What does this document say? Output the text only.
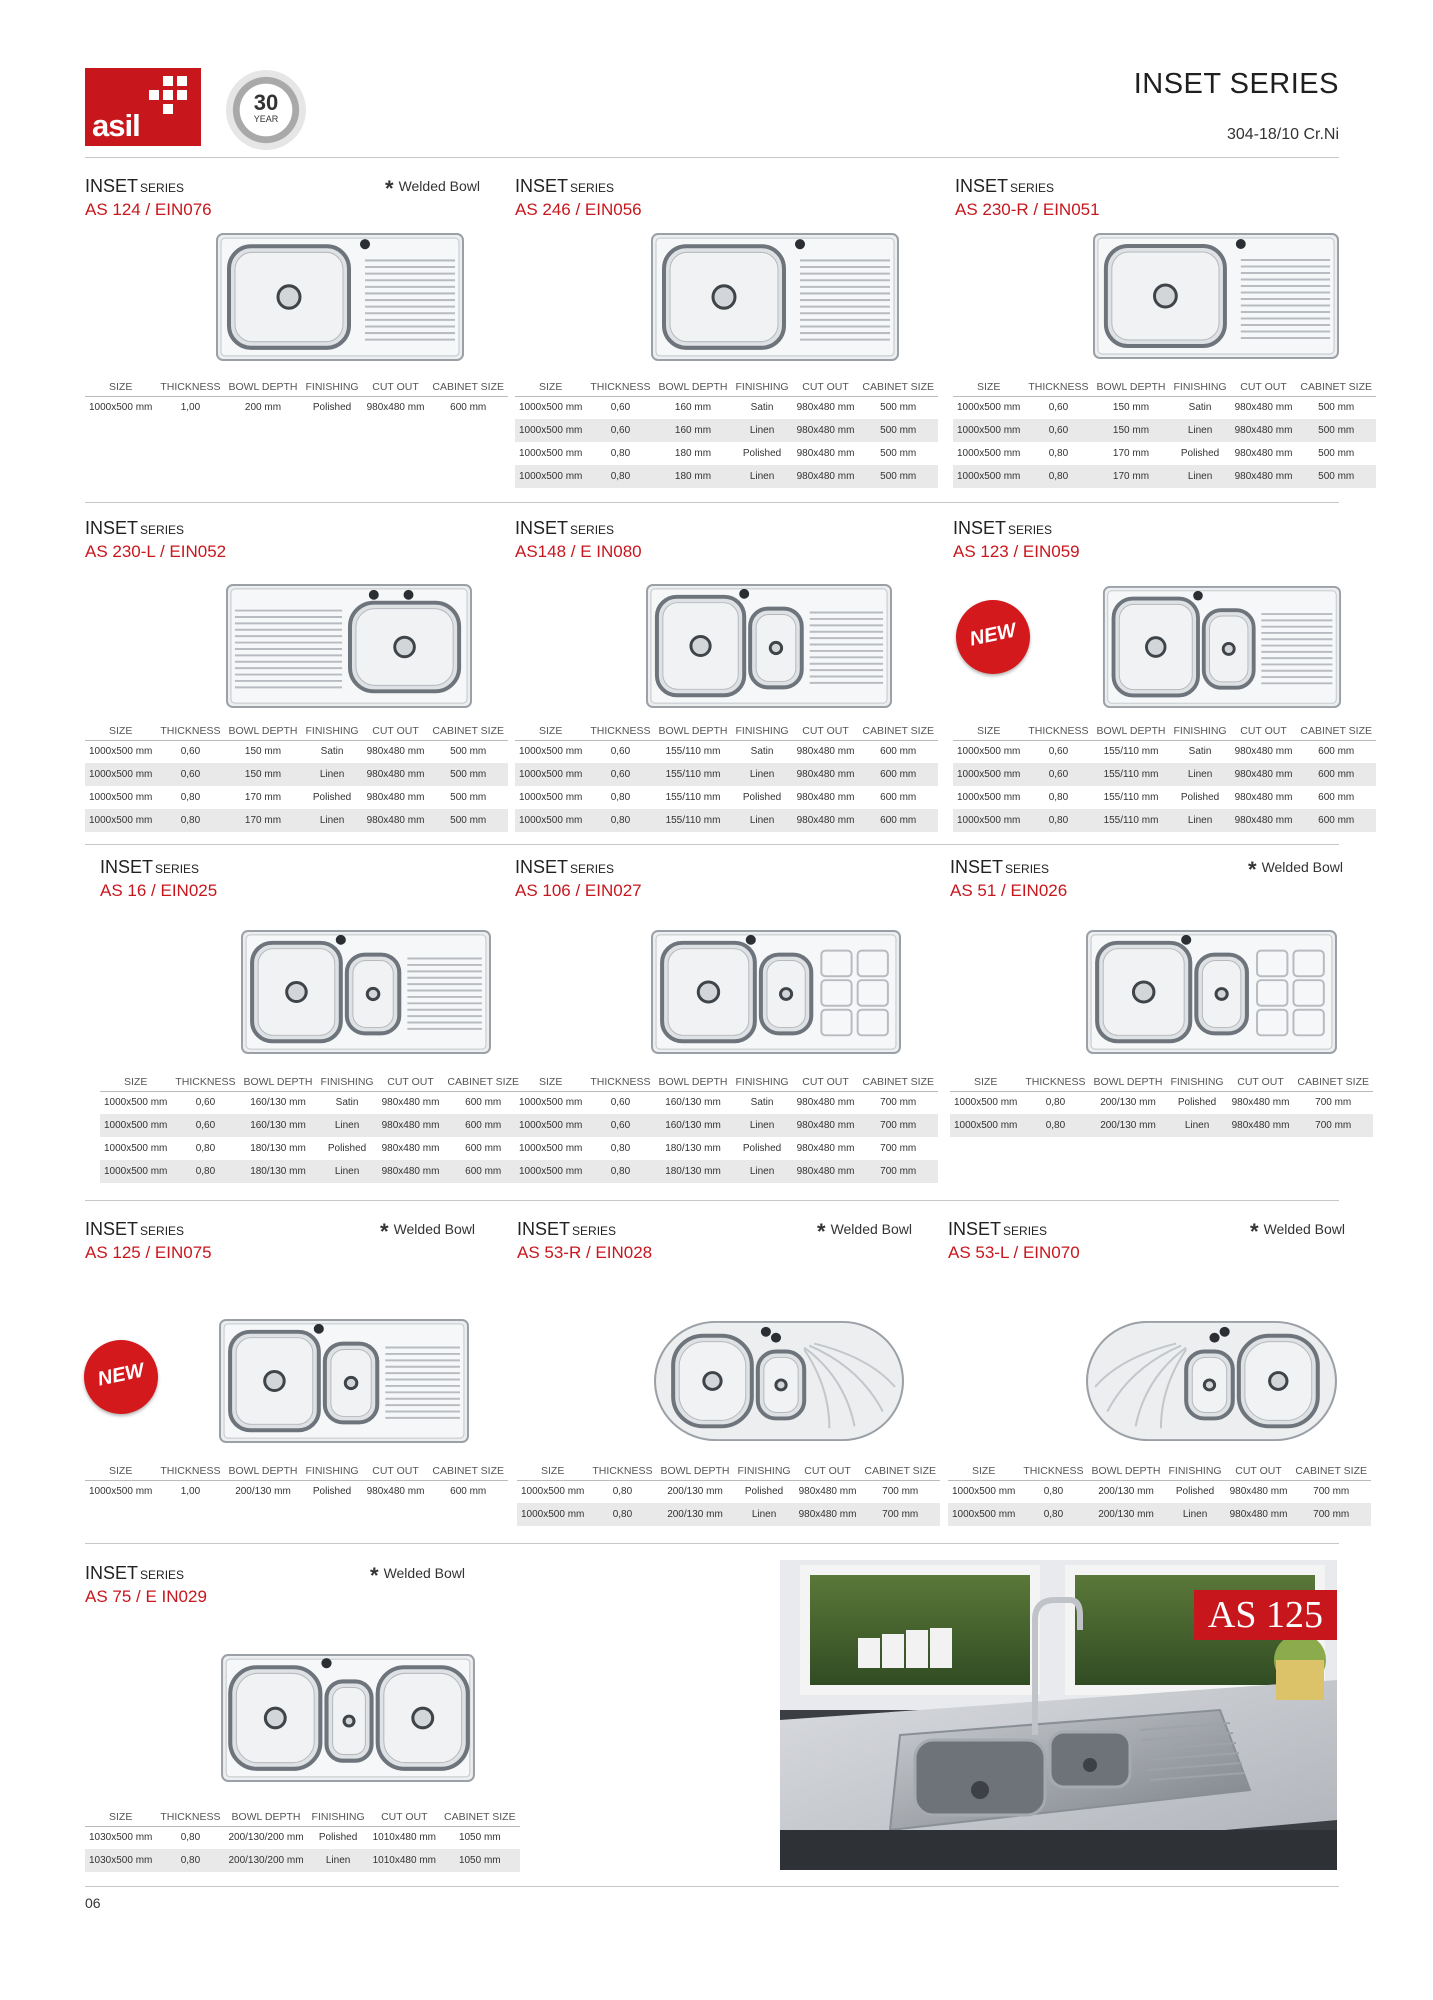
asil
30
YEAR
INSET SERIES
304-18/10 Cr.Ni
INSET SERIES
AS 124 / EIN076
* Welded Bowl
SIZE	THICKNESS	BOWL DEPTH	FINISHING	CUT OUT	CABINET SIZE
1000x500 mm	1,00	200 mm	Polished	980x480 mm	600 mm
INSET SERIES
AS 246 / EIN056
SIZE	THICKNESS	BOWL DEPTH	FINISHING	CUT OUT	CABINET SIZE
1000x500 mm	0,60	160 mm	Satin	980x480 mm	500 mm
1000x500 mm	0,60	160 mm	Linen	980x480 mm	500 mm
1000x500 mm	0,80	180 mm	Polished	980x480 mm	500 mm
1000x500 mm	0,80	180 mm	Linen	980x480 mm	500 mm
INSET SERIES
AS 230-R / EIN051
SIZE	THICKNESS	BOWL DEPTH	FINISHING	CUT OUT	CABINET SIZE
1000x500 mm	0,60	150 mm	Satin	980x480 mm	500 mm
1000x500 mm	0,60	150 mm	Linen	980x480 mm	500 mm
1000x500 mm	0,80	170 mm	Polished	980x480 mm	500 mm
1000x500 mm	0,80	170 mm	Linen	980x480 mm	500 mm
INSET SERIES
AS 230-L / EIN052
SIZE	THICKNESS	BOWL DEPTH	FINISHING	CUT OUT	CABINET SIZE
1000x500 mm	0,60	150 mm	Satin	980x480 mm	500 mm
1000x500 mm	0,60	150 mm	Linen	980x480 mm	500 mm
1000x500 mm	0,80	170 mm	Polished	980x480 mm	500 mm
1000x500 mm	0,80	170 mm	Linen	980x480 mm	500 mm
INSET SERIES
AS148 / E IN080
SIZE	THICKNESS	BOWL DEPTH	FINISHING	CUT OUT	CABINET SIZE
1000x500 mm	0,60	155/110 mm	Satin	980x480 mm	600 mm
1000x500 mm	0,60	155/110 mm	Linen	980x480 mm	600 mm
1000x500 mm	0,80	155/110 mm	Polished	980x480 mm	600 mm
1000x500 mm	0,80	155/110 mm	Linen	980x480 mm	600 mm
INSET SERIES
AS 123 / EIN059
SIZE	THICKNESS	BOWL DEPTH	FINISHING	CUT OUT	CABINET SIZE
1000x500 mm	0,60	155/110 mm	Satin	980x480 mm	600 mm
1000x500 mm	0,60	155/110 mm	Linen	980x480 mm	600 mm
1000x500 mm	0,80	155/110 mm	Polished	980x480 mm	600 mm
1000x500 mm	0,80	155/110 mm	Linen	980x480 mm	600 mm
NEW
INSET SERIES
AS 16 / EIN025
SIZE	THICKNESS	BOWL DEPTH	FINISHING	CUT OUT	CABINET SIZE
1000x500 mm	0,60	160/130 mm	Satin	980x480 mm	600 mm
1000x500 mm	0,60	160/130 mm	Linen	980x480 mm	600 mm
1000x500 mm	0,80	180/130 mm	Polished	980x480 mm	600 mm
1000x500 mm	0,80	180/130 mm	Linen	980x480 mm	600 mm
INSET SERIES
AS 106 / EIN027
SIZE	THICKNESS	BOWL DEPTH	FINISHING	CUT OUT	CABINET SIZE
1000x500 mm	0,60	160/130 mm	Satin	980x480 mm	700 mm
1000x500 mm	0,60	160/130 mm	Linen	980x480 mm	700 mm
1000x500 mm	0,80	180/130 mm	Polished	980x480 mm	700 mm
1000x500 mm	0,80	180/130 mm	Linen	980x480 mm	700 mm
INSET SERIES
AS 51 / EIN026
* Welded Bowl
SIZE	THICKNESS	BOWL DEPTH	FINISHING	CUT OUT	CABINET SIZE
1000x500 mm	0,80	200/130 mm	Polished	980x480 mm	700 mm
1000x500 mm	0,80	200/130 mm	Linen	980x480 mm	700 mm
INSET SERIES
AS 125 / EIN075
* Welded Bowl
SIZE	THICKNESS	BOWL DEPTH	FINISHING	CUT OUT	CABINET SIZE
1000x500 mm	1,00	200/130 mm	Polished	980x480 mm	600 mm
NEW
INSET SERIES
AS 53-R / EIN028
* Welded Bowl
SIZE	THICKNESS	BOWL DEPTH	FINISHING	CUT OUT	CABINET SIZE
1000x500 mm	0,80	200/130 mm	Polished	980x480 mm	700 mm
1000x500 mm	0,80	200/130 mm	Linen	980x480 mm	700 mm
INSET SERIES
AS 53-L / EIN070
* Welded Bowl
SIZE	THICKNESS	BOWL DEPTH	FINISHING	CUT OUT	CABINET SIZE
1000x500 mm	0,80	200/130 mm	Polished	980x480 mm	700 mm
1000x500 mm	0,80	200/130 mm	Linen	980x480 mm	700 mm
INSET SERIES
AS 75 / E IN029
* Welded Bowl
SIZE	THICKNESS	BOWL DEPTH	FINISHING	CUT OUT	CABINET SIZE
1030x500 mm	0,80	200/130/200 mm	Polished	1010x480 mm	1050 mm
1030x500 mm	0,80	200/130/200 mm	Linen	1010x480 mm	1050 mm
AS 125
06
